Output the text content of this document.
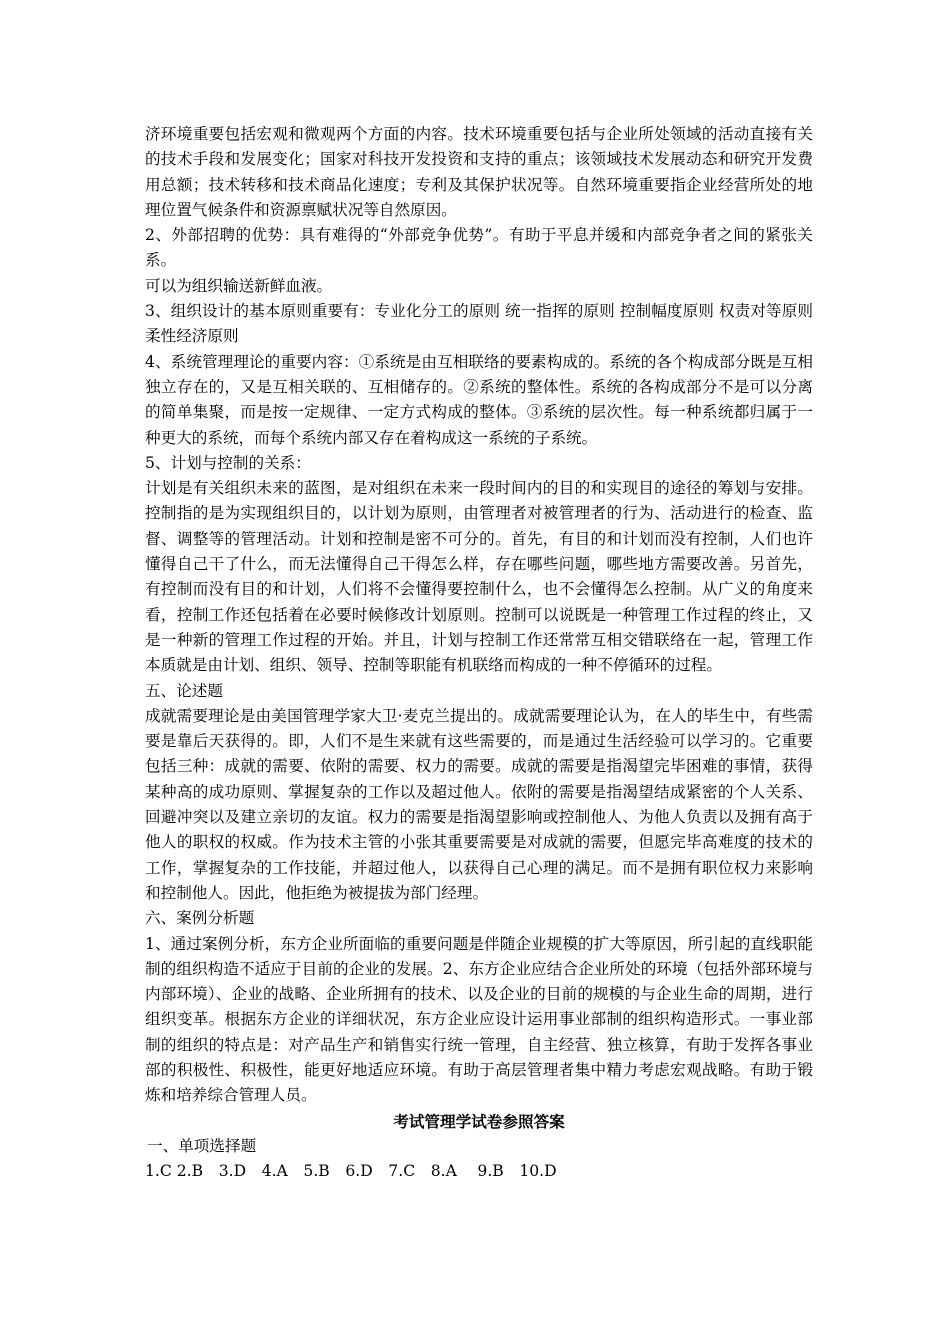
济环境重要包括宏观和微观两个方面的内容。技术环境重要包括与企业所处领域的活动直接有关的技术手段和发展变化；国家对科技开发投资和支持的重点；该领域技术发展动态和研究开发费用总额；技术转移和技术商品化速度；专利及其保护状况等。自然环境重要指企业经营所处的地理位置气候条件和资源禀赋状况等自然原因。

2、外部招聘的优势：具有难得的“外部竞争优势”。有助于平息并缓和内部竞争者之间的紧张关系。

可以为组织输送新鲜血液。

3、组织设计的基本原则重要有：专业化分工的原则 统一指挥的原则 控制幅度原则 权责对等原则　柔性经济原则

4、系统管理理论的重要内容：①系统是由互相联络的要素构成的。系统的各个构成部分既是互相独立存在的，又是互相关联的、互相储存的。②系统的整体性。系统的各构成部分不是可以分离的简单集聚，而是按一定规律、一定方式构成的整体。③系统的层次性。每一种系统都归属于一种更大的系统，而每个系统内部又存在着构成这一系统的子系统。

5、计划与控制的关系：

计划是有关组织未来的蓝图，是对组织在未来一段时间内的目的和实现目的途径的筹划与安排。控制指的是为实现组织目的，以计划为原则，由管理者对被管理者的行为、活动进行的检查、监督、调整等的管理活动。计划和控制是密不可分的。首先，有目的和计划而没有控制，人们也许懂得自己干了什么，而无法懂得自己干得怎么样，存在哪些问题，哪些地方需要改善。另首先，有控制而没有目的和计划，人们将不会懂得要控制什么，也不会懂得怎么控制。从广义的角度来看，控制工作还包括着在必要时候修改计划原则。控制可以说既是一种管理工作过程的终止，又是一种新的管理工作过程的开始。并且，计划与控制工作还常常互相交错联络在一起，管理工作本质就是由计划、组织、领导、控制等职能有机联络而构成的一种不停循环的过程。

五、论述题

成就需要理论是由美国管理学家大卫·麦克兰提出的。成就需要理论认为，在人的毕生中，有些需要是靠后天获得的。即，人们不是生来就有这些需要的，而是通过生活经验可以学习的。它重要包括三种：成就的需要、依附的需要、权力的需要。成就的需要是指渴望完毕困难的事情，获得某种高的成功原则、掌握复杂的工作以及超过他人。依附的需要是指渴望结成紧密的个人关系、回避冲突以及建立亲切的友谊。权力的需要是指渴望影响或控制他人、为他人负责以及拥有高于他人的职权的权威。作为技术主管的小张其重要需要是对成就的需要，但愿完毕高难度的技术的工作，掌握复杂的工作技能，并超过他人，以获得自己心理的满足。而不是拥有职位权力来影响和控制他人。因此，他拒绝为被提拔为部门经理。

六、案例分析题

1、通过案例分析，东方企业所面临的重要问题是伴随企业规模的扩大等原因，所引起的直线职能制的组织构造不适应于目前的企业的发展。2、东方企业应结合企业所处的环境（包括外部环境与内部环境）、企业的战略、企业所拥有的技术、以及企业的目前的规模的与企业生命的周期，进行组织变革。根据东方企业的详细状况，东方企业应设计运用事业部制的组织构造形式。一事业部制的组织的特点是：对产品生产和销售实行统一管理，自主经营、独立核算，有助于发挥各事业部的积极性、积极性，能更好地适应环境。有助于高层管理者集中精力考虑宏观战略。有助于锻炼和培养综合管理人员。

考试管理学试卷参照答案

一、单项选择题

1.C 2.B　3.D　4.A　5.B　6.D　7.C　8.A　 9.B　10.D
